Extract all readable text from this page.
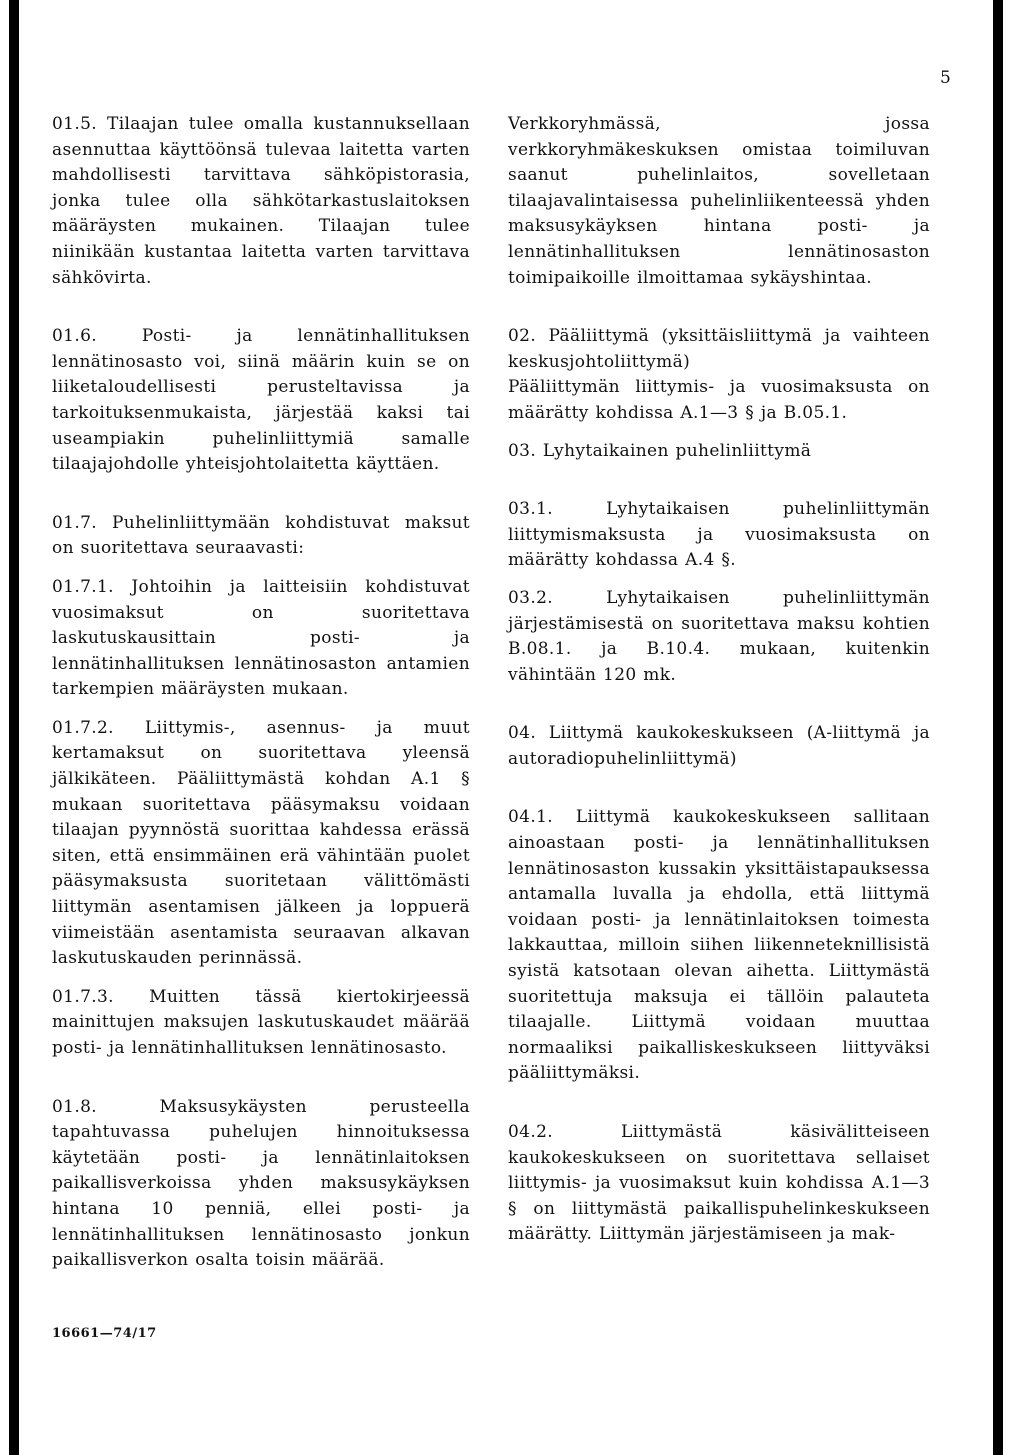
5

01.5. Tilaajan tulee omalla kustannuksellaan asennuttaa käyttöönsä tulevaa laitetta varten mahdollisesti tarvittava sähköpistorasia, jonka tulee olla sähkötarkastuslaitoksen määräysten mukainen. Tilaajan tulee niinikään kustantaa laitetta varten tarvittava sähkövirta.

01.6. Posti- ja lennätinhallituksen lennätinosasto voi, siinä määrin kuin se on liiketaloudellisesti perusteltavissa ja tarkoituksenmukaista, järjestää kaksi tai useampiakin puhelinliittymiä samalle tilaajajohdolle yhteisjohtolaitetta käyttäen.

01.7. Puhelinliittymään kohdistuvat maksut on suoritettava seuraavasti:

01.7.1. Johtoihin ja laitteisiin kohdistuvat vuosimaksut on suoritettava laskutuskausittain posti- ja lennätinhallituksen lennätinosaston antamien tarkempien määräysten mukaan.

01.7.2. Liittymis-, asennus- ja muut kertamaksut on suoritettava yleensä jälkikäteen. Pääliittymästä kohdan A.1 § mukaan suoritettava pääsymaksu voidaan tilaajan pyynnöstä suorittaa kahdessa erässä siten, että ensimmäinen erä vähintään puolet pääsymaksusta suoritetaan välittömästi liittymän asentamisen jälkeen ja loppuerä viimeistään asentamista seuraavan alkavan laskutuskauden perinnässä.

01.7.3. Muitten tässä kiertokirjeessä mainittujen maksujen laskutuskaudet määrää posti- ja lennätinhallituksen lennätinosasto.

01.8. Maksusykäysten perusteella tapahtuvassa puhelujen hinnoituksessa käytetään posti- ja lennätinlaitoksen paikallisverkoissa yhden maksusykäyksen hintana 10 penniä, ellei posti- ja lennätinhallituksen lennätinosasto jonkun paikallisverkon osalta toisin määrää.

Verkkoryhmässä, jossa verkkoryhmäkeskuksen omistaa toimiluvan saanut puhelinlaitos, sovelletaan tilaajavalintaisessa puhelinliikenteessä yhden maksusykäyksen hintana posti- ja lennätinhallituksen lennätinosaston toimipaikoille ilmoittamaa sykäyshintaa.

02. Pääliittymä (yksittäisliittymä ja vaihteen keskusjohtoliittymä)

Pääliittymän liittymis- ja vuosimaksusta on määrätty kohdissa A.1—3 § ja B.05.1.

03. Lyhytaikainen puhelinliittymä

03.1. Lyhytaikaisen puhelinliittymän liittymismaksusta ja vuosimaksusta on määrätty kohdassa A.4 §.

03.2. Lyhytaikaisen puhelinliittymän järjestämisestä on suoritettava maksu kohtien B.08.1. ja B.10.4. mukaan, kuitenkin vähintään 120 mk.

04. Liittymä kaukokeskukseen (A-liittymä ja autoradiopuhelinliittymä)

04.1. Liittymä kaukokeskukseen sallitaan ainoastaan posti- ja lennätinhallituksen lennätinosaston kussakin yksittäistapauksessa antamalla luvalla ja ehdolla, että liittymä voidaan posti- ja lennätinlaitoksen toimesta lakkauttaa, milloin siihen liikenneteknillisistä syistä katsotaan olevan aihetta. Liittymästä suoritettuja maksuja ei tällöin palauteta tilaajalle. Liittymä voidaan muuttaa normaaliksi paikalliskeskukseen liittyväksi pääliittymäksi.

04.2. Liittymästä käsivälitteiseen kaukokeskukseen on suoritettava sellaiset liittymis- ja vuosimaksut kuin kohdissa A.1—3 § on liittymästä paikallispuhelinkeskukseen määrätty. Liittymän järjestämiseen ja mak-

16661—74/17
